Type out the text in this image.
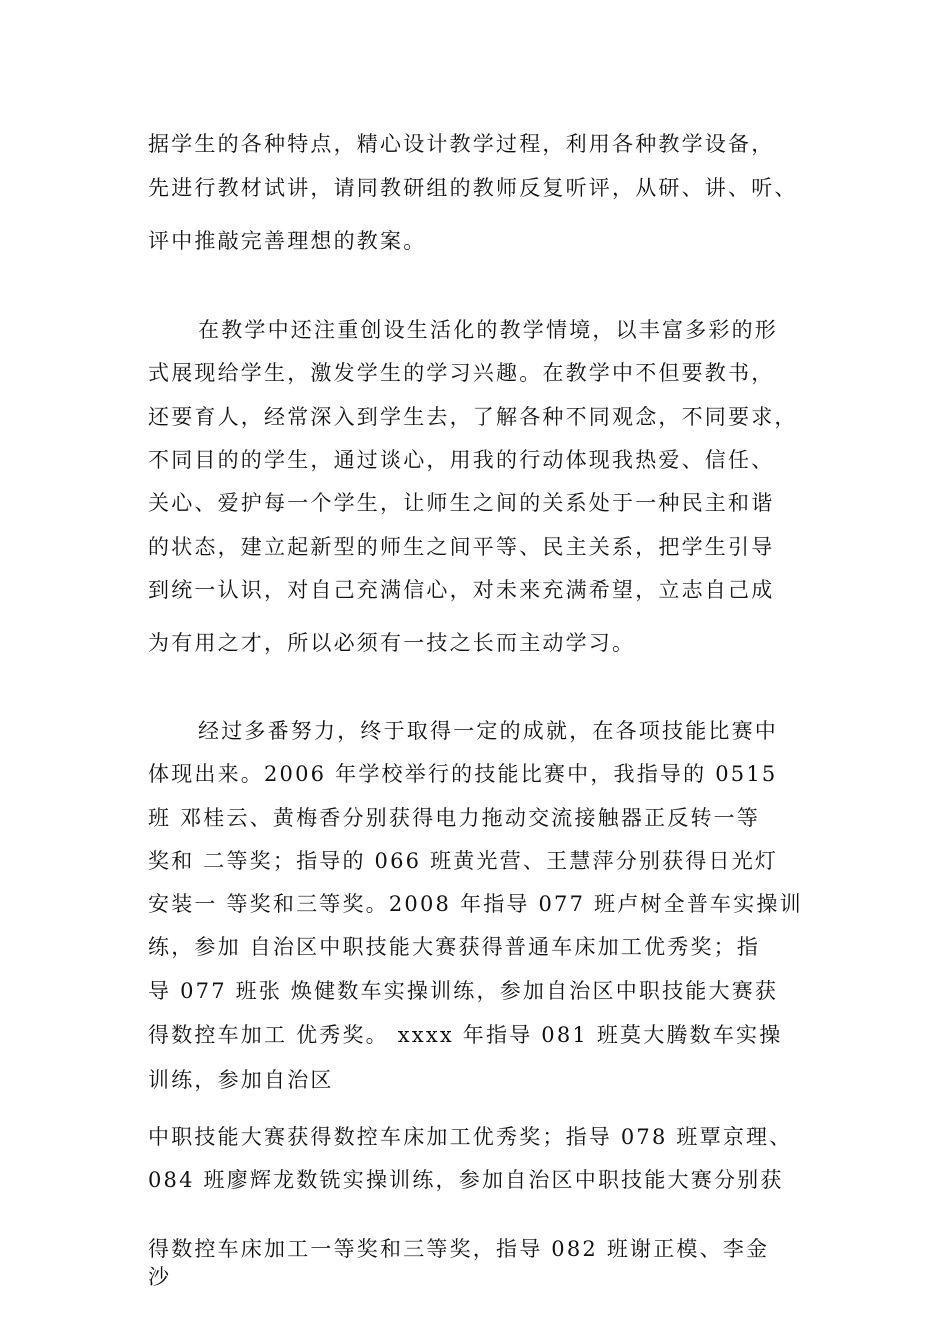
据学生的各种特点，精心设计教学过程，利用各种教学设备，
先进行教材试讲，请同教研组的教师反复听评，从研、讲、听、
评中推敲完善理想的教案。
在教学中还注重创设生活化的教学情境，以丰富多彩的形
式展现给学生，激发学生的学习兴趣。在教学中不但要教书，
还要育人，经常深入到学生去，了解各种不同观念，不同要求，
不同目的的学生，通过谈心，用我的行动体现我热爱、信任、
关心、爱护每一个学生，让师生之间的关系处于一种民主和谐
的状态，建立起新型的师生之间平等、民主关系，把学生引导
到统一认识，对自己充满信心，对未来充满希望，立志自己成
为有用之才，所以必须有一技之长而主动学习。
经过多番努力，终于取得一定的成就，在各项技能比赛中
体现出来。2006 年学校举行的技能比赛中，我指导的 0515
班 邓桂云、黄梅香分别获得电力拖动交流接触器正反转一等
奖和 二等奖；指导的 066 班黄光营、王慧萍分别获得日光灯
安装一 等奖和三等奖。2008 年指导 077 班卢树全普车实操训
练，参加 自治区中职技能大赛获得普通车床加工优秀奖；指
导 077 班张 焕健数车实操训练，参加自治区中职技能大赛获
得数控车加工 优秀奖。 xxxx 年指导 081 班莫大腾数车实操
训练，参加自治区
中职技能大赛获得数控车床加工优秀奖；指导 078 班覃京理、
084 班廖辉龙数铣实操训练，参加自治区中职技能大赛分别获
得数控车床加工一等奖和三等奖，指导 082 班谢正模、李金
沙
